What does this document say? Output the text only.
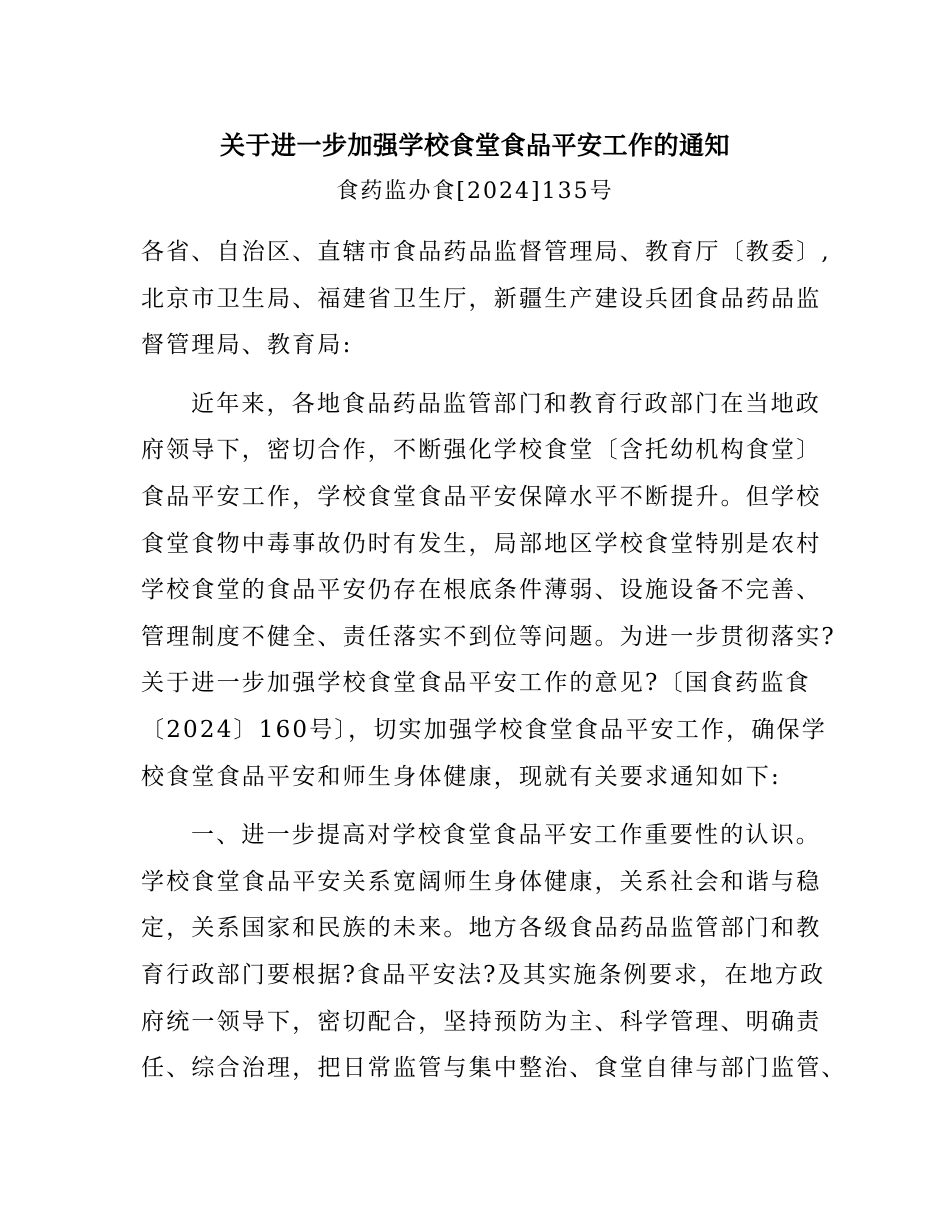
关于进一步加强学校食堂食品平安工作的通知
食药监办食[2024]135号
各省、自治区、直辖市食品药品监督管理局、教育厅〔教委〕,
北京市卫生局、福建省卫生厅，新疆生产建设兵团食品药品监
督管理局、教育局:
近年来，各地食品药品监管部门和教育行政部门在当地政
府领导下，密切合作，不断强化学校食堂〔含托幼机构食堂〕
食品平安工作，学校食堂食品平安保障水平不断提升。但学校
食堂食物中毒事故仍时有发生，局部地区学校食堂特别是农村
学校食堂的食品平安仍存在根底条件薄弱、设施设备不完善、
管理制度不健全、责任落实不到位等问题。为进一步贯彻落实?
关于进一步加强学校食堂食品平安工作的意见?〔国食药监食
〔2024〕160号〕，切实加强学校食堂食品平安工作，确保学
校食堂食品平安和师生身体健康，现就有关要求通知如下:
一、进一步提高对学校食堂食品平安工作重要性的认识。
学校食堂食品平安关系宽阔师生身体健康，关系社会和谐与稳
定，关系国家和民族的未来。地方各级食品药品监管部门和教
育行政部门要根据?食品平安法?及其实施条例要求，在地方政
府统一领导下，密切配合，坚持预防为主、科学管理、明确责
任、综合治理，把日常监管与集中整治、食堂自律与部门监管、
